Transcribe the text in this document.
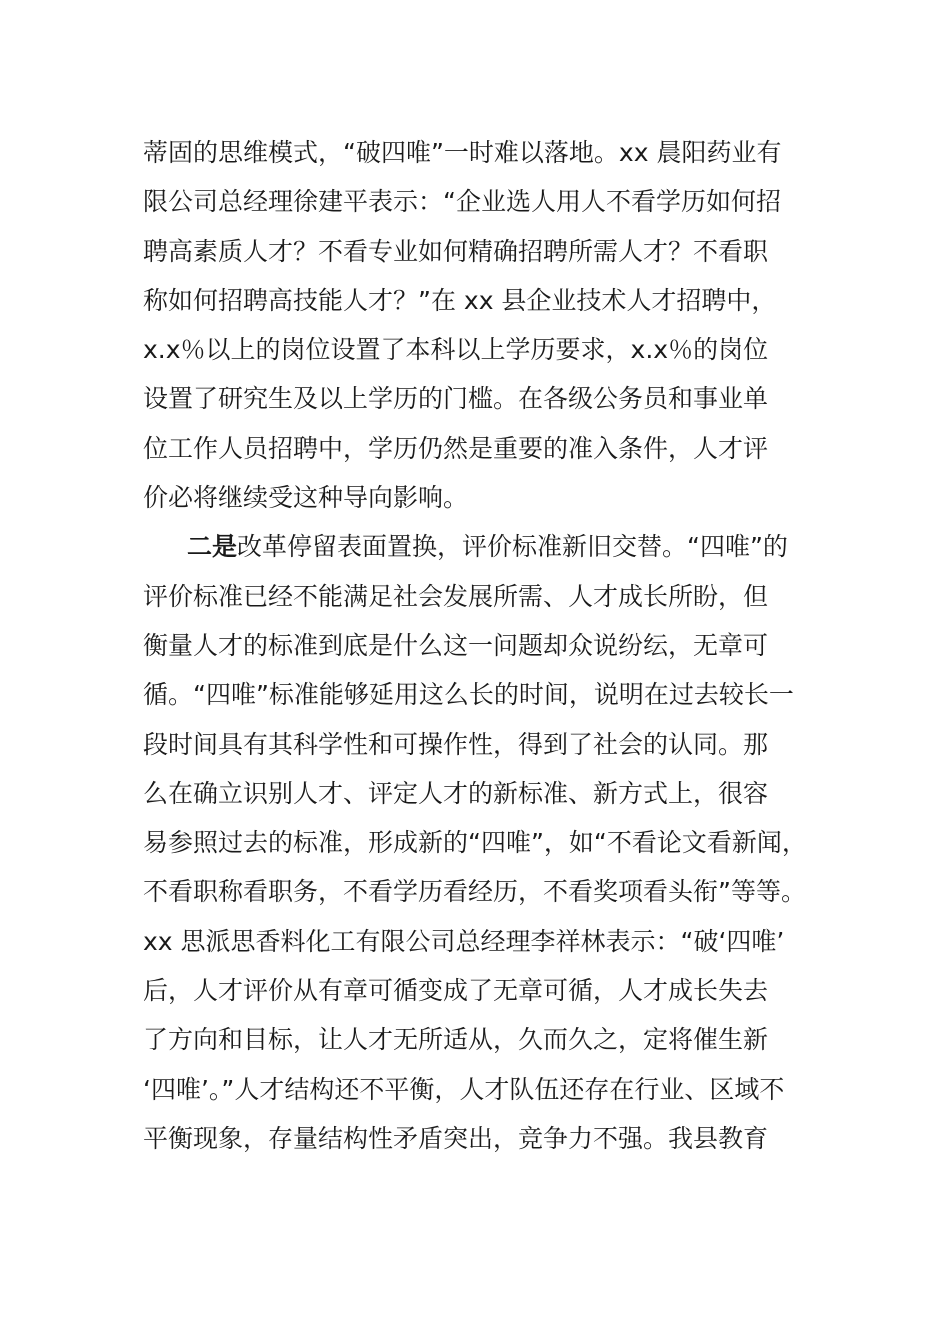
蒂固的思维模式，“破四唯”一时难以落地。xx 晨阳药业有
限公司总经理徐建平表示：“企业选人用人不看学历如何招
聘高素质人才？不看专业如何精确招聘所需人才？不看职
称如何招聘高技能人才？”在 xx 县企业技术人才招聘中，
x.x％以上的岗位设置了本科以上学历要求，x.x％的岗位
设置了研究生及以上学历的门槛。在各级公务员和事业单
位工作人员招聘中，学历仍然是重要的准入条件，人才评
价必将继续受这种导向影响。
二是改革停留表面置换，评价标准新旧交替。“四唯”的
评价标准已经不能满足社会发展所需、人才成长所盼，但
衡量人才的标准到底是什么这一问题却众说纷纭，无章可
循。“四唯”标准能够延用这么长的时间，说明在过去较长一
段时间具有其科学性和可操作性，得到了社会的认同。那
么在确立识别人才、评定人才的新标准、新方式上，很容
易参照过去的标准，形成新的“四唯”，如“不看论文看新闻，
不看职称看职务，不看学历看经历，不看奖项看头衔”等等。
xx 思派思香料化工有限公司总经理李祥林表示：“破‘四唯’
后，人才评价从有章可循变成了无章可循，人才成长失去
了方向和目标，让人才无所适从，久而久之，定将催生新
‘四唯’。”人才结构还不平衡，人才队伍还存在行业、区域不
平衡现象，存量结构性矛盾突出，竞争力不强。我县教育
